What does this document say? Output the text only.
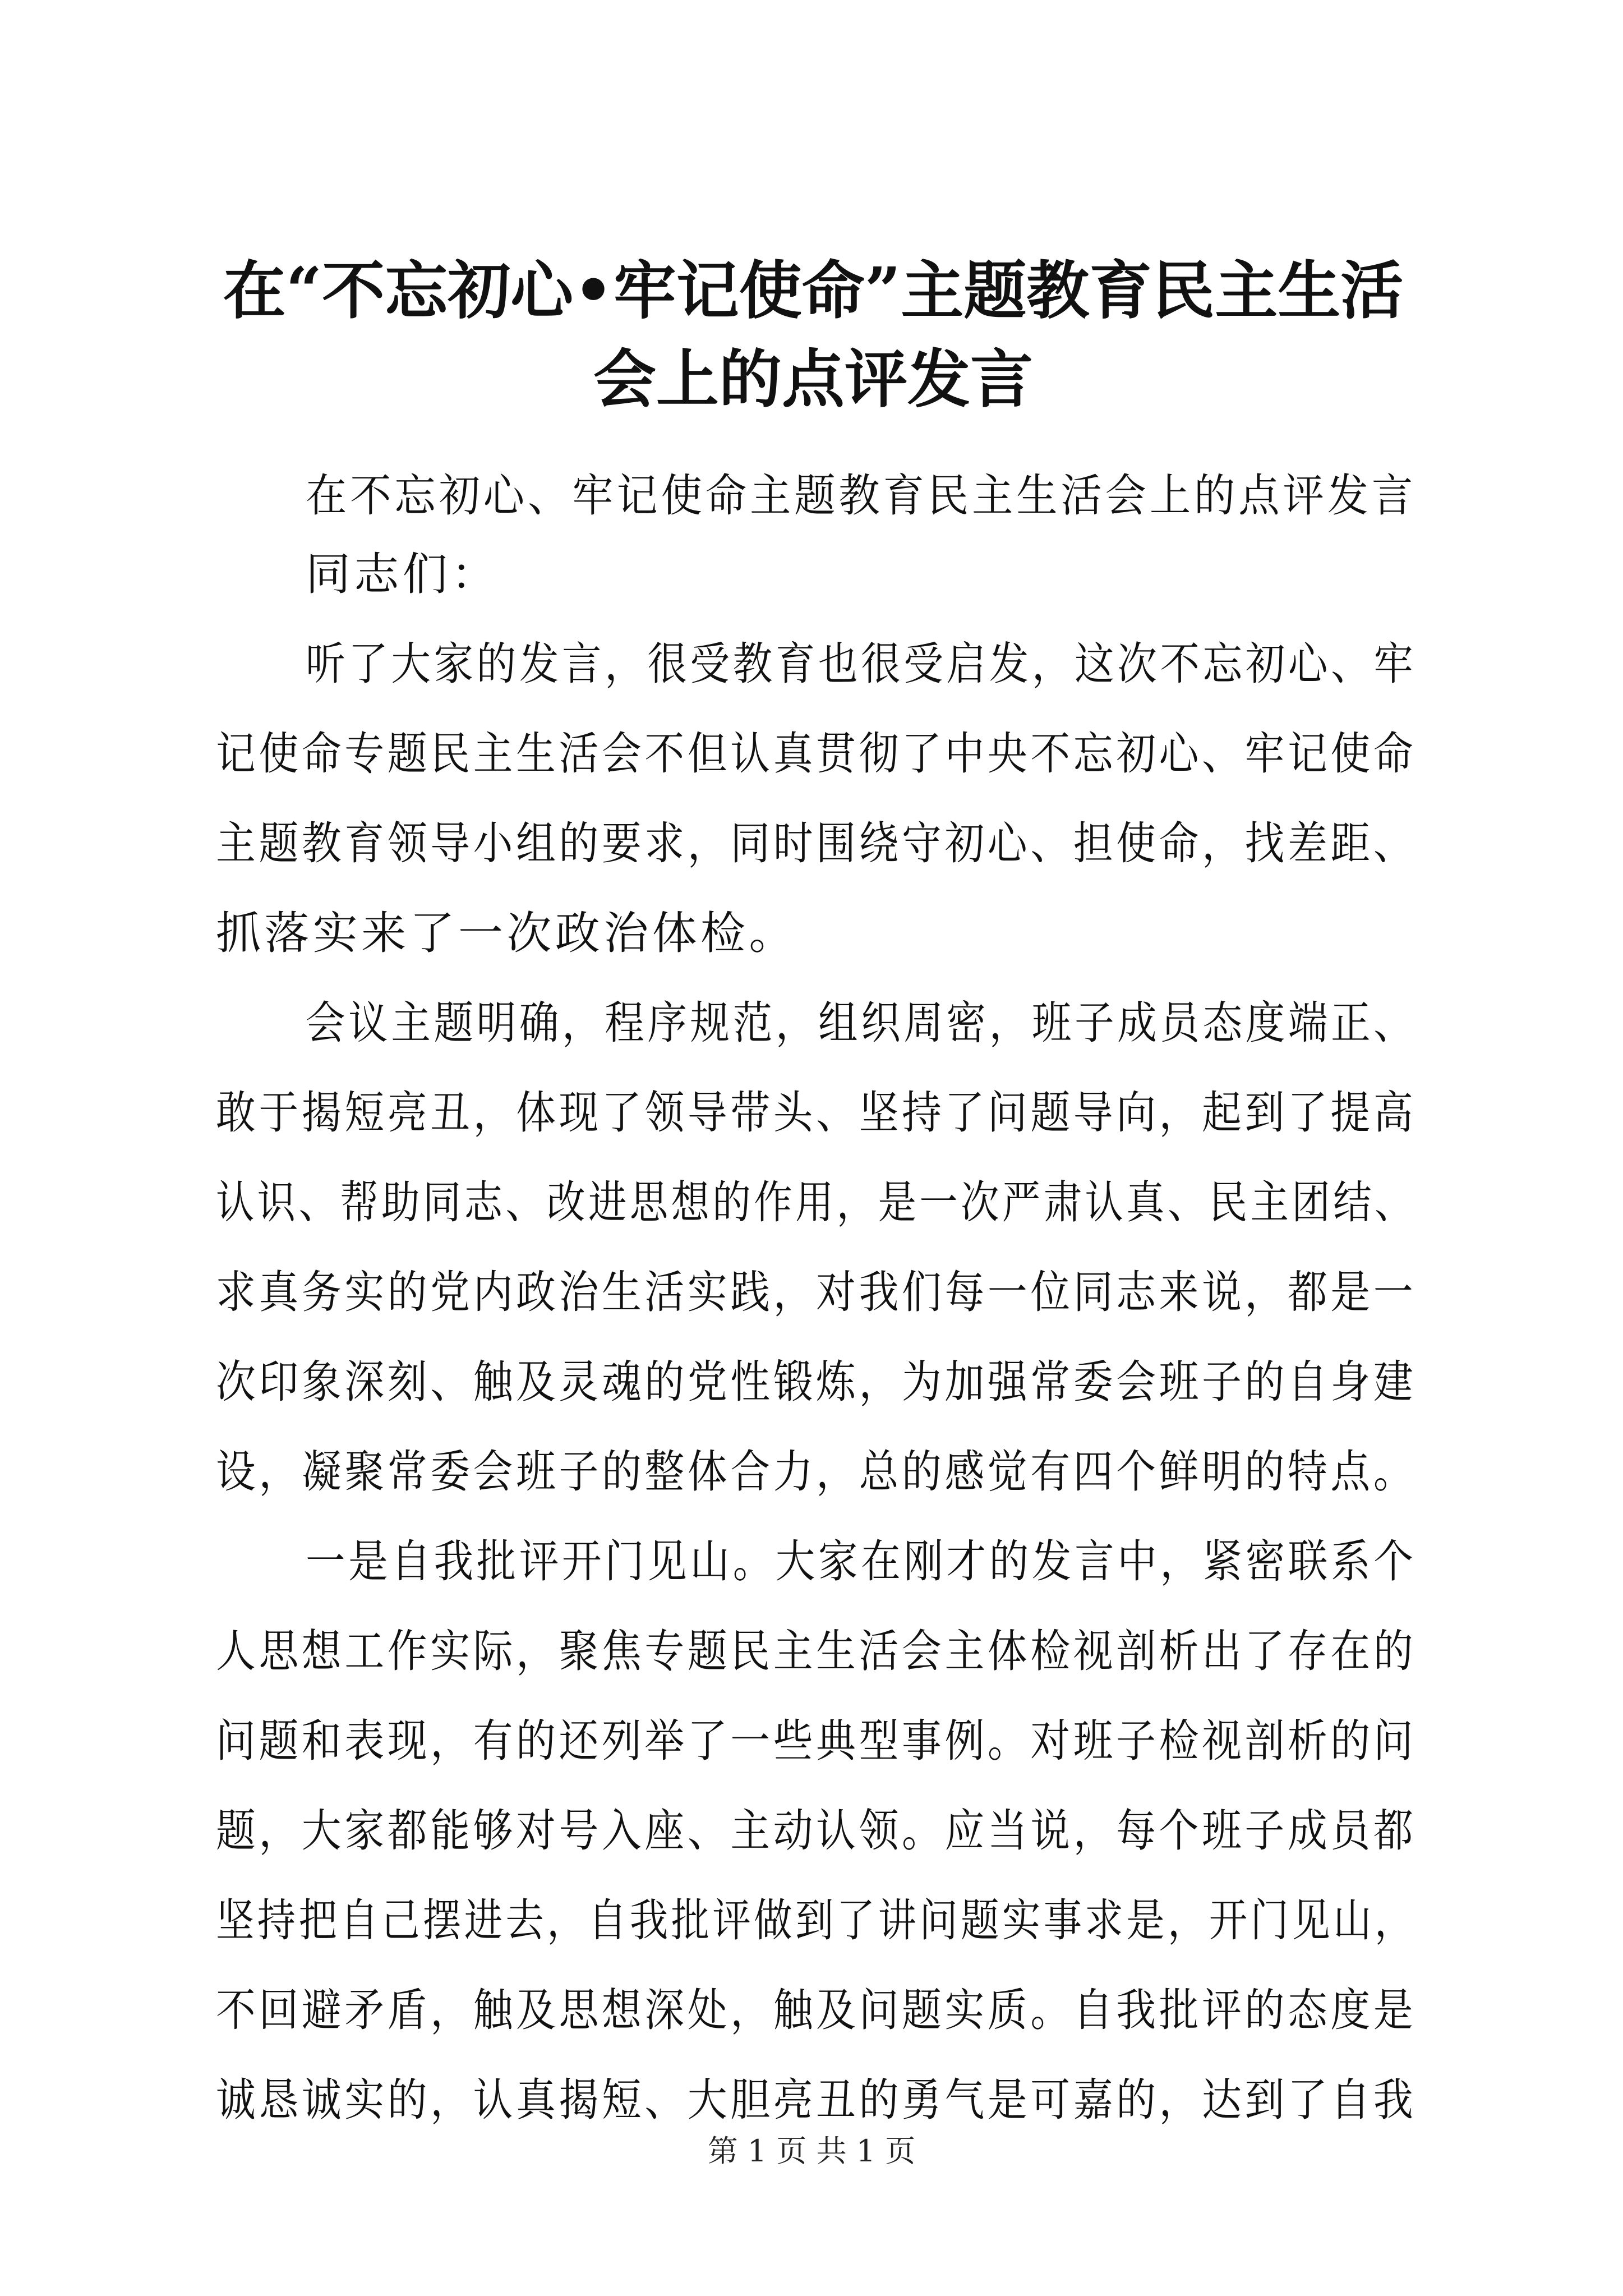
在“不忘初心•牢记使命”主题教育民主生活
会上的点评发言
在不忘初心、牢记使命主题教育民主生活会上的点评发言
同志们：
听了大家的发言，很受教育也很受启发，这次不忘初心、牢
记使命专题民主生活会不但认真贯彻了中央不忘初心、牢记使命
主题教育领导小组的要求，同时围绕守初心、担使命，找差距、
抓落实来了一次政治体检。
会议主题明确，程序规范，组织周密，班子成员态度端正、
敢于揭短亮丑，体现了领导带头、坚持了问题导向，起到了提高
认识、帮助同志、改进思想的作用，是一次严肃认真、民主团结、
求真务实的党内政治生活实践，对我们每一位同志来说，都是一
次印象深刻、触及灵魂的党性锻炼，为加强常委会班子的自身建
设，凝聚常委会班子的整体合力，总的感觉有四个鲜明的特点。
一是自我批评开门见山。大家在刚才的发言中，紧密联系个
人思想工作实际，聚焦专题民主生活会主体检视剖析出了存在的
问题和表现，有的还列举了一些典型事例。对班子检视剖析的问
题，大家都能够对号入座、主动认领。应当说，每个班子成员都
坚持把自己摆进去，自我批评做到了讲问题实事求是，开门见山，
不回避矛盾，触及思想深处，触及问题实质。自我批评的态度是
诚恳诚实的，认真揭短、大胆亮丑的勇气是可嘉的，达到了自我
第 1 页 共 1 页
